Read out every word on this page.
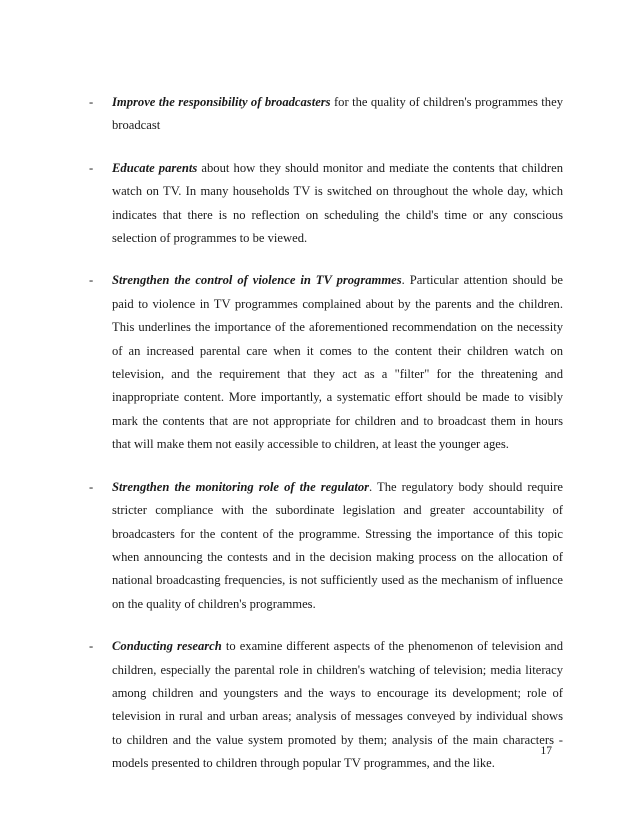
- Improve the responsibility of broadcasters for the quality of children's programmes they broadcast
- Educate parents about how they should monitor and mediate the contents that children watch on TV. In many households TV is switched on throughout the whole day, which indicates that there is no reflection on scheduling the child's time or any conscious selection of programmes to be viewed.
- Strengthen the control of violence in TV programmes. Particular attention should be paid to violence in TV programmes complained about by the parents and the children. This underlines the importance of the aforementioned recommendation on the necessity of an increased parental care when it comes to the content their children watch on television, and the requirement that they act as a "filter" for the threatening and inappropriate content. More importantly, a systematic effort should be made to visibly mark the contents that are not appropriate for children and to broadcast them in hours that will make them not easily accessible to children, at least the younger ages.
- Strengthen the monitoring role of the regulator. The regulatory body should require stricter compliance with the subordinate legislation and greater accountability of broadcasters for the content of the programme. Stressing the importance of this topic when announcing the contests and in the decision making process on the allocation of national broadcasting frequencies, is not sufficiently used as the mechanism of influence on the quality of children's programmes.
- Conducting research to examine different aspects of the phenomenon of television and children, especially the parental role in children's watching of television; media literacy among children and youngsters and the ways to encourage its development; role of television in rural and urban areas; analysis of messages conveyed by individual shows to children and the value system promoted by them; analysis of the main characters - models presented to children through popular TV programmes, and the like.
17
